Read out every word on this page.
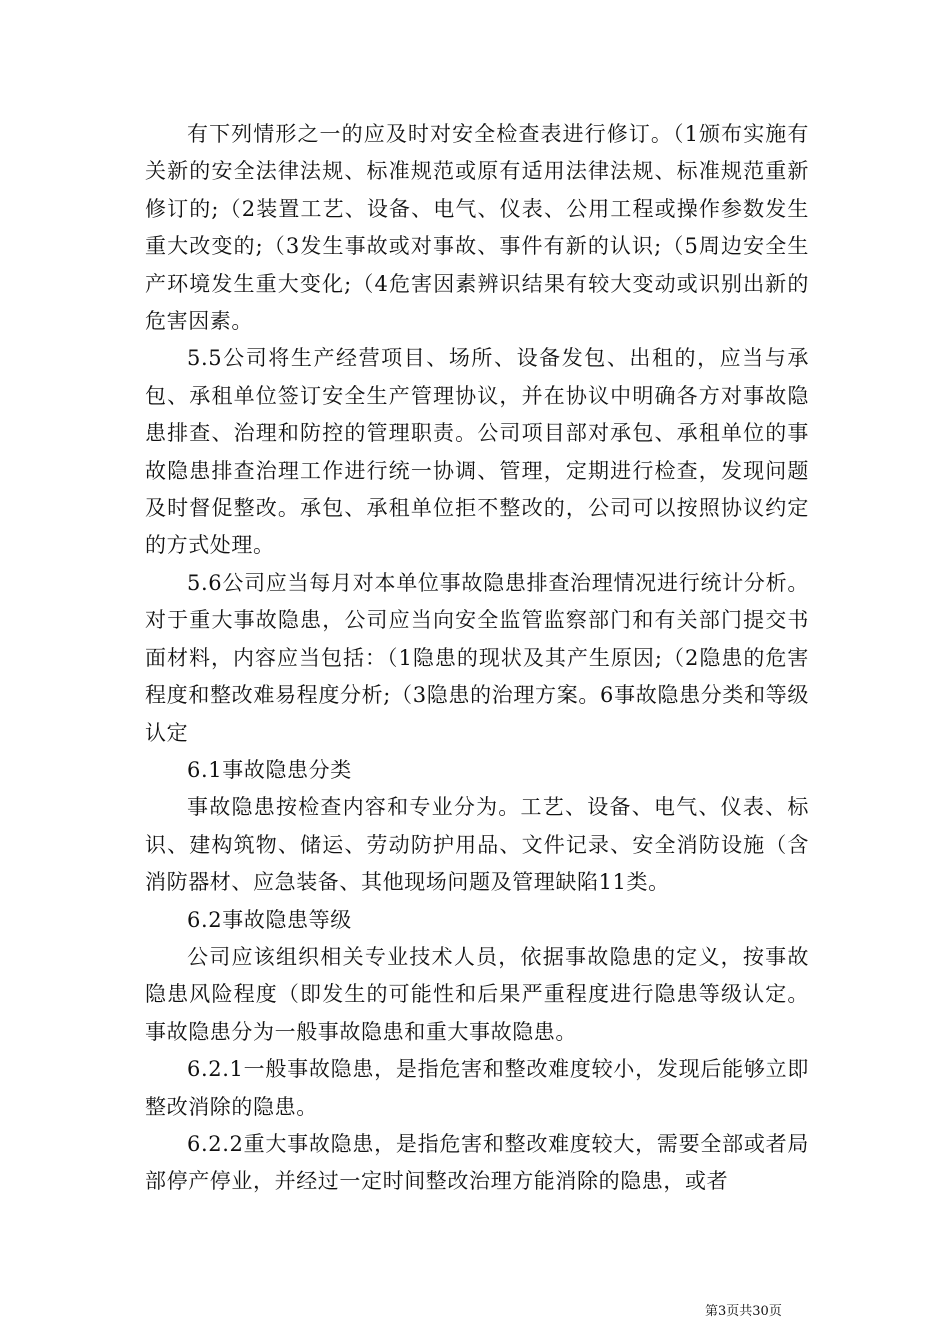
有下列情形之一的应及时对安全检查表进行修订。（1颁布实施有关新的安全法律法规、标准规范或原有适用法律法规、标准规范重新修订的;（2装置工艺、设备、电气、仪表、公用工程或操作参数发生重大改变的;（3发生事故或对事故、事件有新的认识;（5周边安全生产环境发生重大变化;（4危害因素辨识结果有较大变动或识别出新的危害因素。

5.5公司将生产经营项目、场所、设备发包、出租的，应当与承包、承租单位签订安全生产管理协议，并在协议中明确各方对事故隐患排查、治理和防控的管理职责。公司项目部对承包、承租单位的事故隐患排查治理工作进行统一协调、管理，定期进行检查，发现问题及时督促整改。承包、承租单位拒不整改的，公司可以按照协议约定的方式处理。

5.6公司应当每月对本单位事故隐患排查治理情况进行统计分析。对于重大事故隐患，公司应当向安全监管监察部门和有关部门提交书面材料，内容应当包括：（1隐患的现状及其产生原因;（2隐患的危害程度和整改难易程度分析;（3隐患的治理方案。6事故隐患分类和等级认定

6.1事故隐患分类

事故隐患按检查内容和专业分为。工艺、设备、电气、仪表、标识、建构筑物、储运、劳动防护用品、文件记录、安全消防设施（含消防器材、应急装备、其他现场问题及管理缺陷11类。

6.2事故隐患等级

公司应该组织相关专业技术人员，依据事故隐患的定义，按事故隐患风险程度（即发生的可能性和后果严重程度进行隐患等级认定。事故隐患分为一般事故隐患和重大事故隐患。

6.2.1一般事故隐患，是指危害和整改难度较小，发现后能够立即整改消除的隐患。

6.2.2重大事故隐患，是指危害和整改难度较大，需要全部或者局部停产停业，并经过一定时间整改治理方能消除的隐患，或者

第3页共30页
